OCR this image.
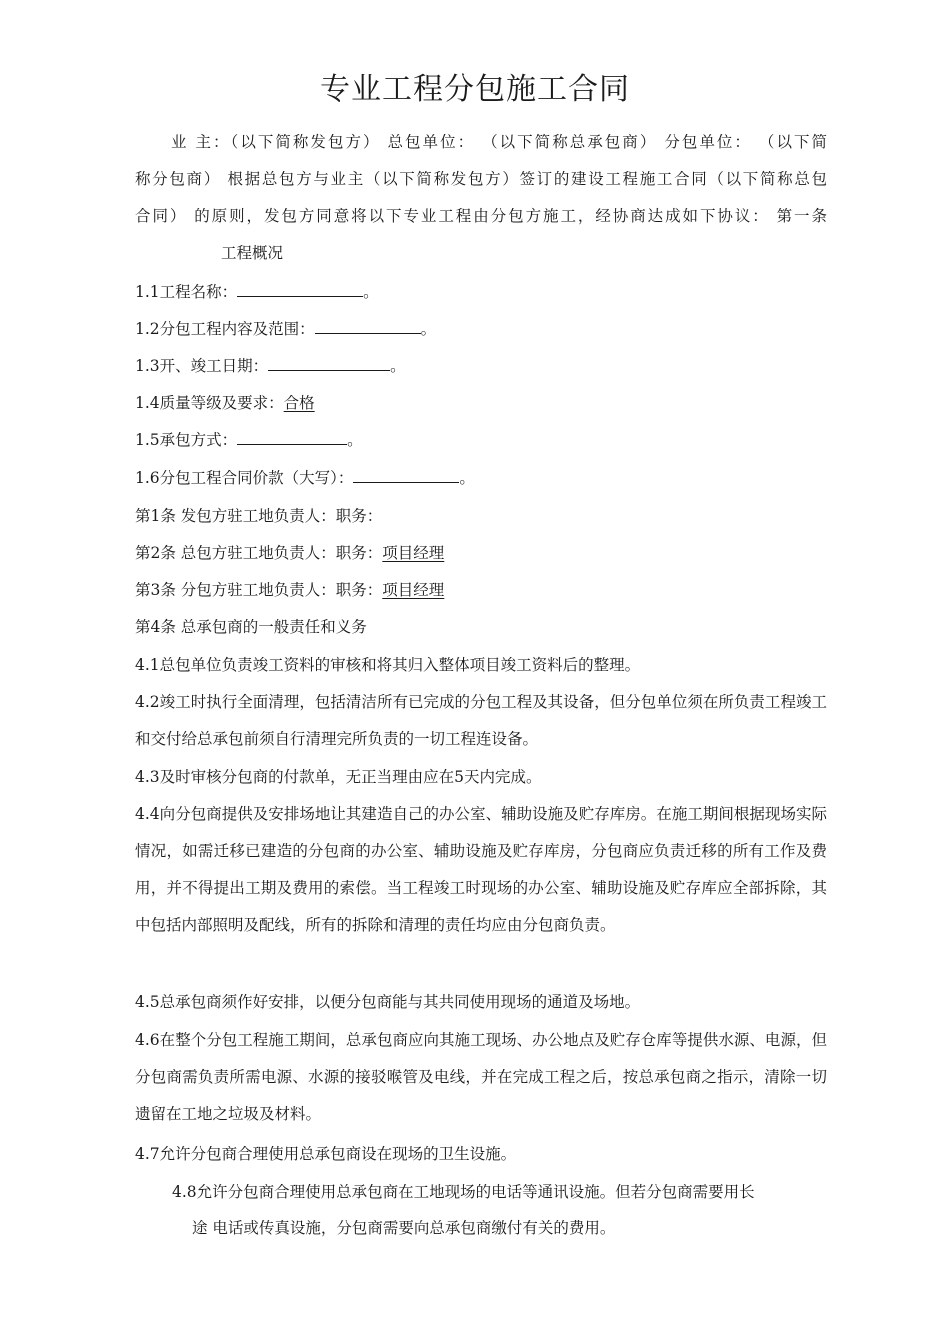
专业工程分包施工合同
业 主：（以下简称发包方） 总包单位： （以下简称总承包商） 分包单位： （以下简
称分包商） 根据总包方与业主（以下简称发包方）签订的建设工程施工合同（以下简称总包
合同） 的原则，发包方同意将以下专业工程由分包方施工，经协商达成如下协议： 第一条
工程概况
1.1工程名称：	。
1.2分包工程内容及范围：	。
1.3开、竣工日期：	。
1.4质量等级及要求：合格
1.5承包方式：	。
1.6分包工程合同价款（大写）：	。
第1条 发包方驻工地负责人：职务：
第2条 总包方驻工地负责人：职务：项目经理
第3条 分包方驻工地负责人：职务：项目经理
第4条 总承包商的一般责任和义务
4.1总包单位负责竣工资料的审核和将其归入整体项目竣工资料后的整理。
4.2竣工时执行全面清理，包括清洁所有已完成的分包工程及其设备，但分包单位须在所负责工程竣工和交付给总承包前须自行清理完所负责的一切工程连设备。
4.3及时审核分包商的付款单，无正当理由应在5天内完成。
4.4向分包商提供及安排场地让其建造自己的办公室、辅助设施及贮存库房。在施工期间根据现场实际情况，如需迁移已建造的分包商的办公室、辅助设施及贮存库房，分包商应负责迁移的所有工作及费用，并不得提出工期及费用的索偿。当工程竣工时现场的办公室、辅助设施及贮存库应全部拆除，其中包括内部照明及配线，所有的拆除和清理的责任均应由分包商负责。
4.5总承包商须作好安排，以便分包商能与其共同使用现场的通道及场地。
4.6在整个分包工程施工期间，总承包商应向其施工现场、办公地点及贮存仓库等提供水源、电源，但分包商需负责所需电源、水源的接驳喉管及电线，并在完成工程之后，按总承包商之指示，清除一切遗留在工地之垃圾及材料。
4.7允许分包商合理使用总承包商设在现场的卫生设施。
4.8允许分包商合理使用总承包商在工地现场的电话等通讯设施。但若分包商需要用长
途 电话或传真设施，分包商需要向总承包商缴付有关的费用。
